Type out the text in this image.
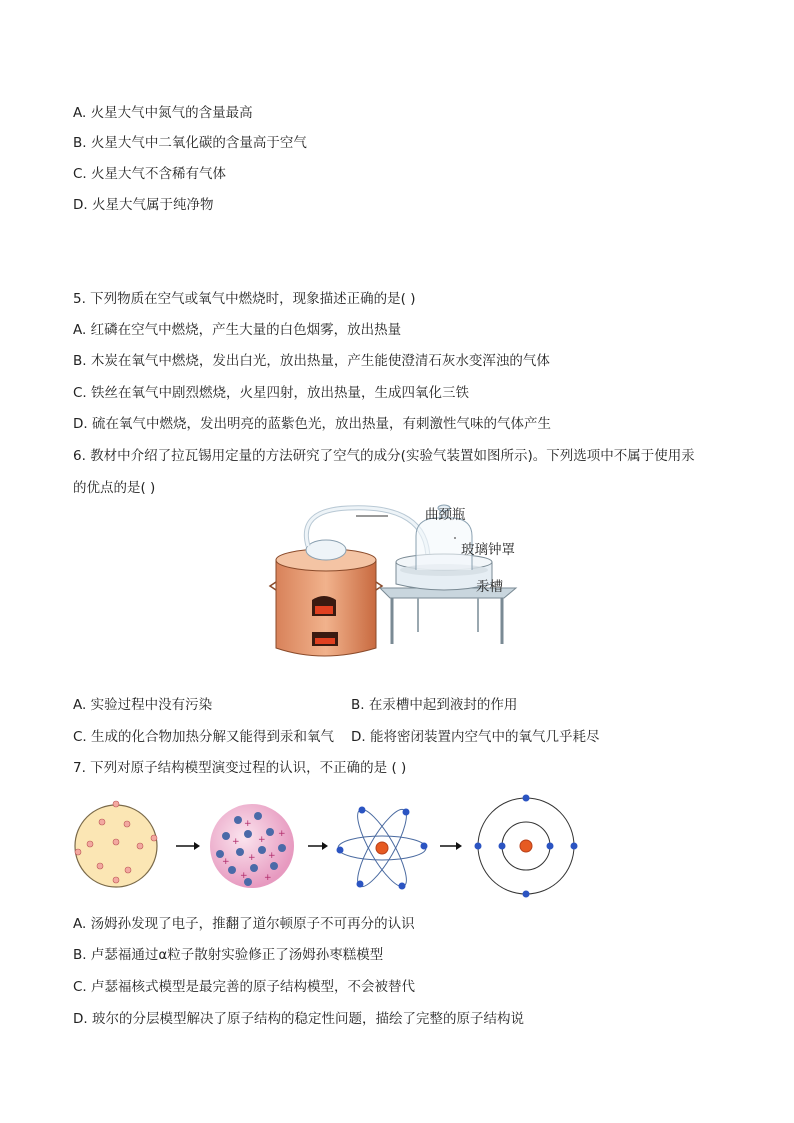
A. 火星大气中氮气的含量最高
B. 火星大气中二氧化碳的含量高于空气
C. 火星大气不含稀有气体
D. 火星大气属于纯净物
5. 下列物质在空气或氧气中燃烧时，现象描述正确的是( )
A. 红磷在空气中燃烧，产生大量的白色烟雾，放出热量
B. 木炭在氧气中燃烧，发出白光，放出热量，产生能使澄清石灰水变浑浊的气体
C. 铁丝在氧气中剧烈燃烧，火星四射，放出热量，生成四氧化三铁
D. 硫在氧气中燃烧，发出明亮的蓝紫色光，放出热量，有刺激性气味的气体产生
6. 教材中介绍了拉瓦锡用定量的方法研究了空气的成分(实验气装置如图所示)。下列选项中不属于使用汞
的优点的是( )
曲颈瓶
玻璃钟罩
汞槽
A. 实验过程中没有污染	B. 在汞槽中起到液封的作用
C. 生成的化合物加热分解又能得到汞和氧气 D. 能将密闭装置内空气中的氧气几乎耗尽
7. 下列对原子结构模型演变过程的认识，不正确的是 ( )
+
+ +
+ +
+
+ +
+
A. 汤姆孙发现了电子，推翻了道尔顿原子不可再分的认识
B. 卢瑟福通过α粒子散射实验修正了汤姆孙枣糕模型
C. 卢瑟福核式模型是最完善的原子结构模型，不会被替代
D. 玻尔的分层模型解决了原子结构的稳定性问题，描绘了完整的原子结构说
